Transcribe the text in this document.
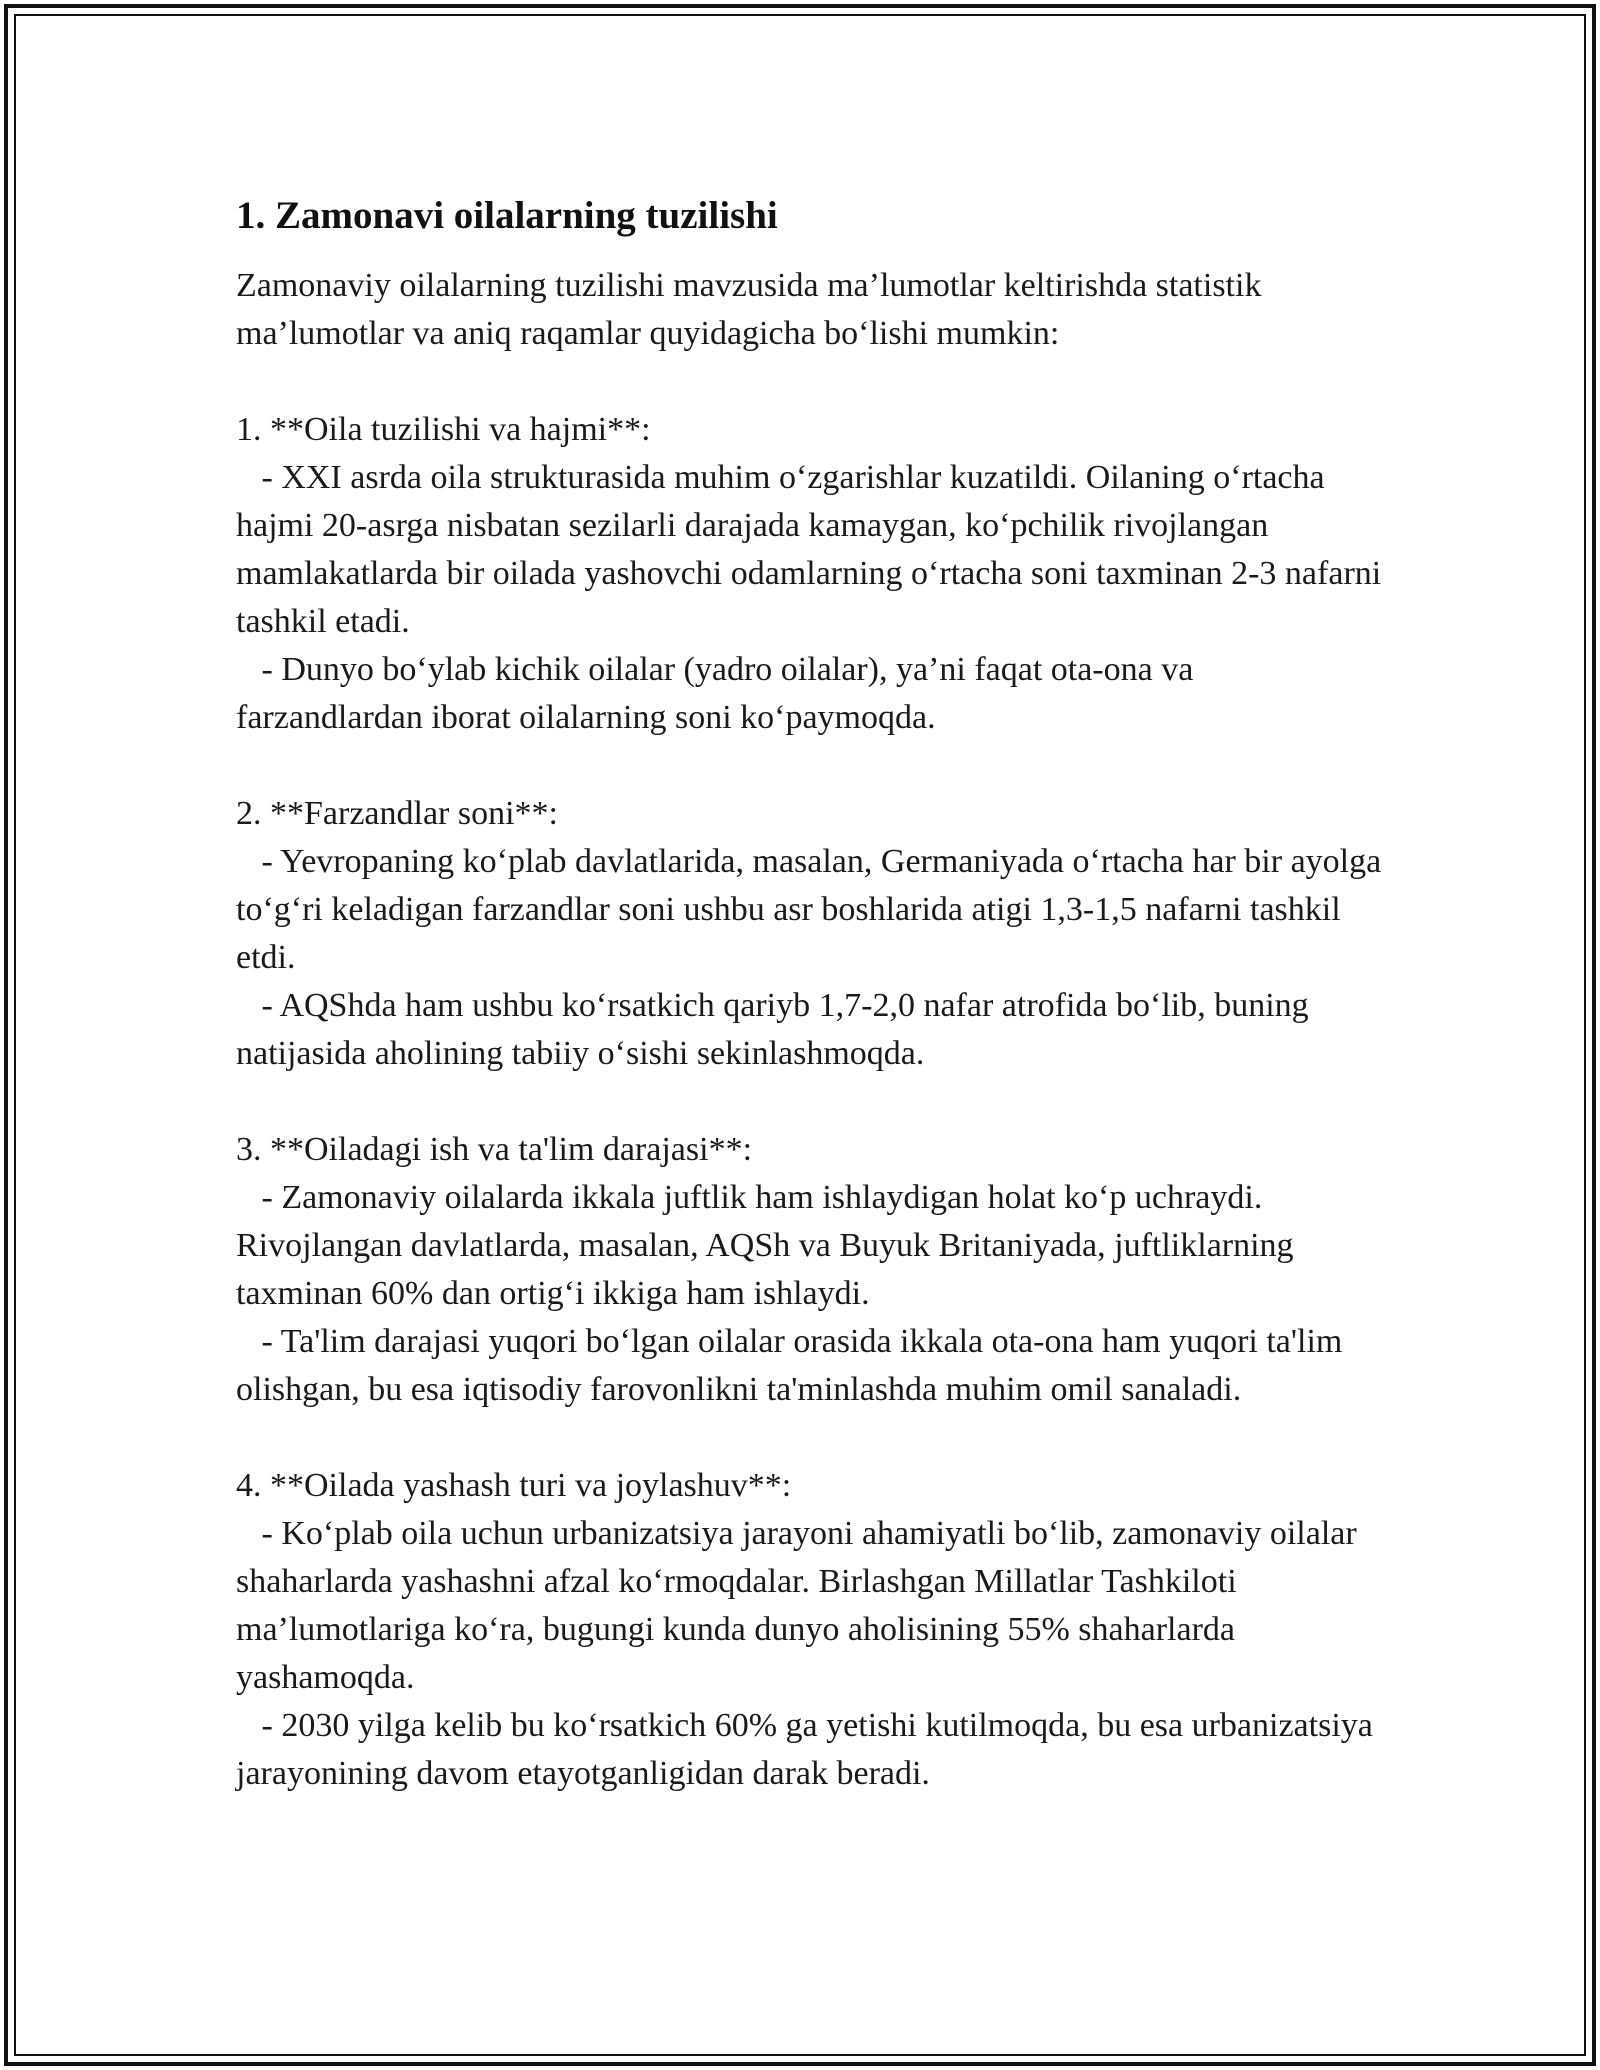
1. Zamonavi oilalarning tuzilishi

Zamonaviy oilalarning tuzilishi mavzusida ma’lumotlar keltirishda statistik ma’lumotlar va aniq raqamlar quyidagicha bo‘lishi mumkin:

1. **Oila tuzilishi va hajmi**:

- XXI asrda oila strukturasida muhim o‘zgarishlar kuzatildi. Oilaning o‘rtacha hajmi 20-asrga nisbatan sezilarli darajada kamaygan, ko‘pchilik rivojlangan mamlakatlarda bir oilada yashovchi odamlarning o‘rtacha soni taxminan 2-3 nafarni tashkil etadi.

- Dunyo bo‘ylab kichik oilalar (yadro oilalar), ya’ni faqat ota-ona va farzandlardan iborat oilalarning soni ko‘paymoqda.

2. **Farzandlar soni**:

- Yevropaning ko‘plab davlatlarida, masalan, Germaniyada o‘rtacha har bir ayolga to‘g‘ri keladigan farzandlar soni ushbu asr boshlarida atigi 1,3-1,5 nafarni tashkil etdi.

- AQShda ham ushbu ko‘rsatkich qariyb 1,7-2,0 nafar atrofida bo‘lib, buning natijasida aholining tabiiy o‘sishi sekinlashmoqda.

3. **Oiladagi ish va ta'lim darajasi**:

- Zamonaviy oilalarda ikkala juftlik ham ishlaydigan holat ko‘p uchraydi. Rivojlangan davlatlarda, masalan, AQSh va Buyuk Britaniyada, juftliklarning taxminan 60% dan ortig‘i ikkiga ham ishlaydi.

- Ta'lim darajasi yuqori bo‘lgan oilalar orasida ikkala ota-ona ham yuqori ta'lim olishgan, bu esa iqtisodiy farovonlikni ta'minlashda muhim omil sanaladi.

4. **Oilada yashash turi va joylashuv**:

- Ko‘plab oila uchun urbanizatsiya jarayoni ahamiyatli bo‘lib, zamonaviy oilalar shaharlarda yashashni afzal ko‘rmoqdalar. Birlashgan Millatlar Tashkiloti ma’lumotlariga ko‘ra, bugungi kunda dunyo aholisining 55% shaharlarda yashamoqda.

- 2030 yilga kelib bu ko‘rsatkich 60% ga yetishi kutilmoqda, bu esa urbanizatsiya jarayonining davom etayotganligidan darak beradi.
